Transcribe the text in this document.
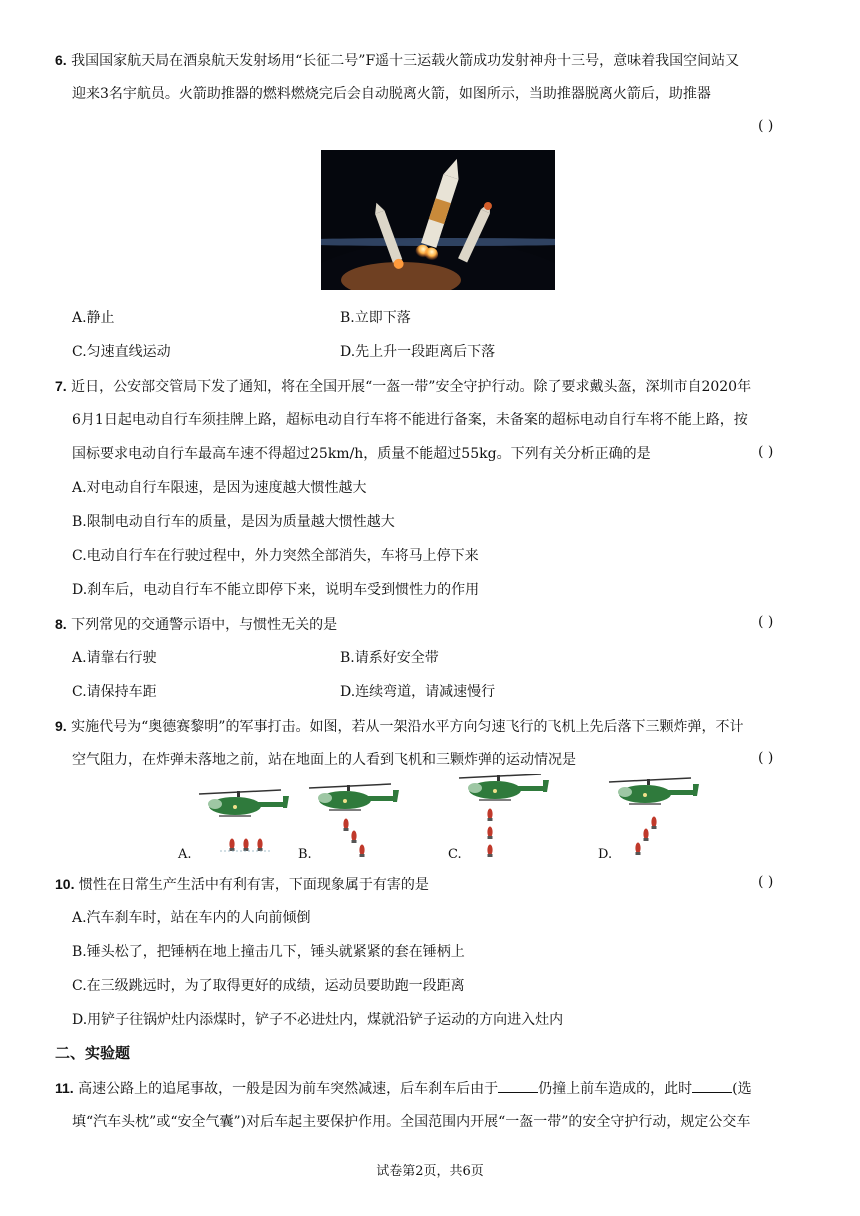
6. 我国国家航天局在酒泉航天发射场用“长征二号”F遥十三运载火箭成功发射神舟十三号，意味着我国空间站又
迎来3名宇航员。火箭助推器的燃料燃烧完后会自动脱离火箭，如图所示，当助推器脱离火箭后，助推器
( )
A.静止	B.立即下落
C.匀速直线运动	D.先上升一段距离后下落
7. 近日，公安部交管局下发了通知，将在全国开展“一盔一带”安全守护行动。除了要求戴头盔，深圳市自2020年
6月1日起电动自行车须挂牌上路，超标电动自行车将不能进行备案，未备案的超标电动自行车将不能上路，按
国标要求电动自行车最高车速不得超过25km/h，质量不能超过55kg。下列有关分析正确的是	( )
A.对电动自行车限速，是因为速度越大惯性越大
B.限制电动自行车的质量，是因为质量越大惯性越大
C.电动自行车在行驶过程中，外力突然全部消失，车将马上停下来
D.刹车后，电动自行车不能立即停下来，说明车受到惯性力的作用
8. 下列常见的交通警示语中，与惯性无关的是	( )
A.请靠右行驶	B.请系好安全带
C.请保持车距	D.连续弯道，请减速慢行
9. 实施代号为“奥德赛黎明”的军事打击。如图，若从一架沿水平方向匀速飞行的飞机上先后落下三颗炸弹，不计
空气阻力，在炸弹未落地之前，站在地面上的人看到飞机和三颗炸弹的运动情况是	( )
A.	B.	C.	D.
10. 惯性在日常生产生活中有利有害，下面现象属于有害的是	( )
A.汽车刹车时，站在车内的人向前倾倒
B.锤头松了，把锤柄在地上撞击几下，锤头就紧紧的套在锤柄上
C.在三级跳远时，为了取得更好的成绩，运动员要助跑一段距离
D.用铲子往锅炉灶内添煤时，铲子不必进灶内，煤就沿铲子运动的方向进入灶内
二、实验题
11. 高速公路上的追尾事故，一般是因为前车突然减速，后车刹车后由于	仍撞上前车造成的，此时	(选
填“汽车头枕”或“安全气囊”)对后车起主要保护作用。全国范围内开展“一盔一带”的安全守护行动，规定公交车
试卷第2页，共6页
